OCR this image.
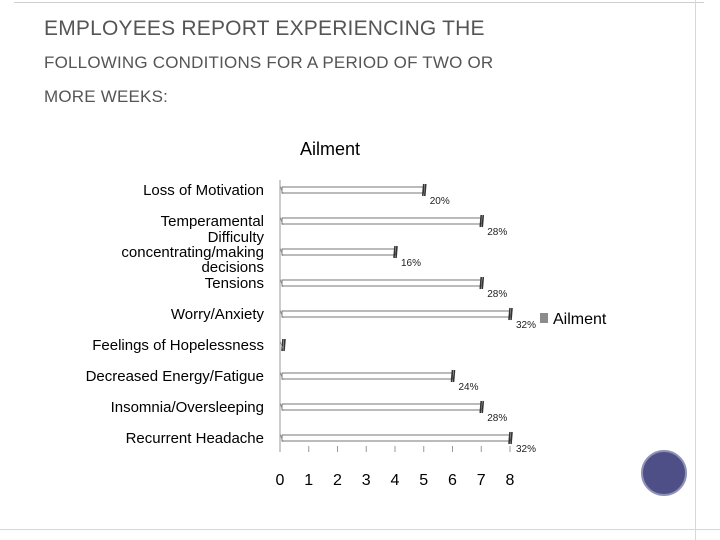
EMPLOYEES REPORT EXPERIENCING THE
FOLLOWING CONDITIONS FOR A PERIOD OF TWO OR
MORE WEEKS:
Ailment
Loss of Motivation
20%
Temperamental
28%
Difficulty concentrating/making decisions	16%
Tensions
28%
Worry/Anxiety
32%
Feelings of Hopelessness
Decreased Energy/Fatigue
24%
Insomnia/Oversleeping
28%
Recurrent Headache
32%
0 1 2 3 4 5 6 7 8
Ailment
